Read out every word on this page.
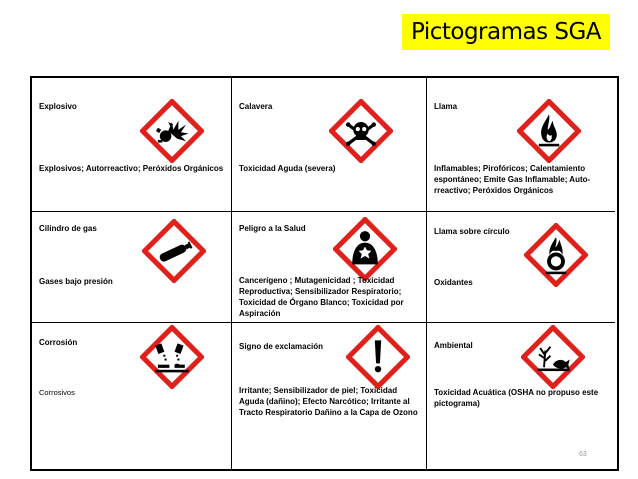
Pictogramas SGA
Explosivo
Explosivos; Autorreactivo; Peróxidos Orgánicos
Calavera
Toxicidad Aguda (severa)
Llama
Inflamables; Pirofóricos; Calentamiento espontáneo; Emite Gas Inflamable; Auto-rreactivo; Peróxidos Orgánicos
Cilindro de gas
Gases bajo presión
Peligro a la Salud
Cancerígeno ; Mutagenicidad ; Toxicidad Reproductiva; Sensibilizador Respiratorio; Toxicidad de Órgano Blanco; Toxicidad por Aspiración
Llama sobre círculo
Oxidantes
Corrosión
Corrosivos
Signo de exclamación
Irritante; Sensibilizador de piel; Toxicidad Aguda (dañino); Efecto Narcótico; Irritante al Tracto Respiratorio Dañino a la Capa de Ozono
Ambiental
Toxicidad Acuática (OSHA no propuso este pictograma)
63
